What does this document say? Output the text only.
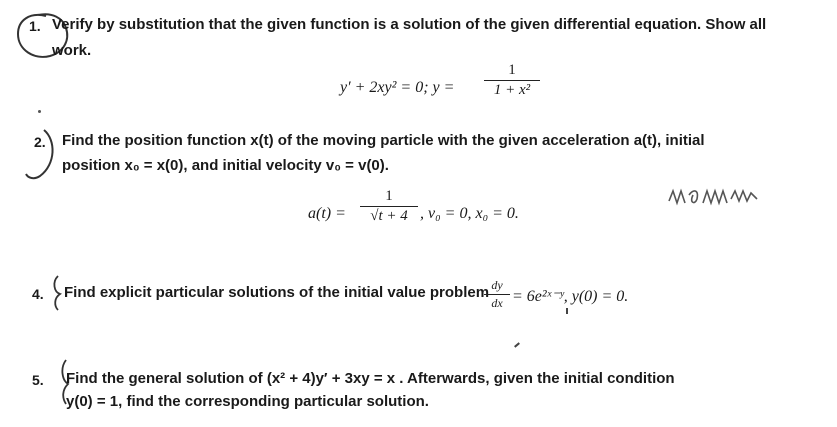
1. Verify by substitution that the given function is a solution of the given differential equation. Show all
work.
y′ + 2xy² = 0; y =
1
1 + x²
2. Find the position function x(t) of the moving particle with the given acceleration a(t), initial
position x₀ = x(0), and initial velocity v₀ = v(0).
a(t) =
1
√t + 4 , v₀ = 0, x₀ = 0.
4. Find explicit particular solutions of the initial value problem dy
dx = 6e²ˣ⁻ʸ, y(0) = 0.
5. Find the general solution of (x² + 4)y′ + 3xy = x . Afterwards, given the initial condition
y(0) = 1, find the corresponding particular solution.
